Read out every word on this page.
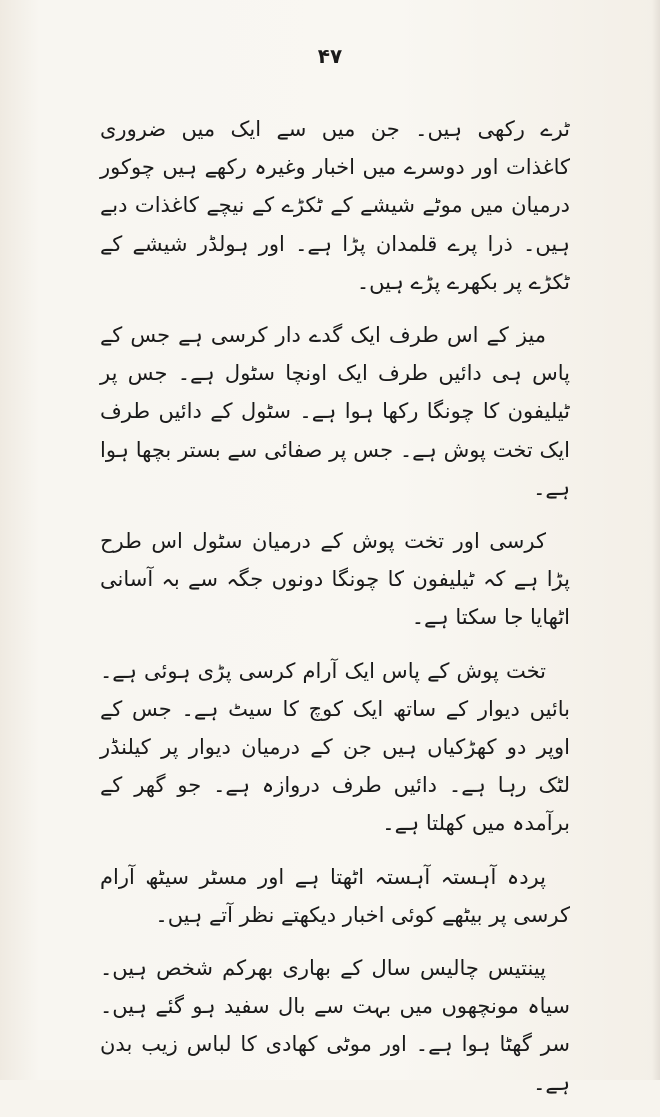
۴۷

ٹرے رکھی ہیں۔ جن میں سے ایک میں ضروری کاغذات اور دوسرے میں اخبار وغیرہ رکھے ہیں چوکور درمیان میں موٹے شیشے کے ٹکڑے کے نیچے کاغذات دبے ہیں۔ ذرا پرے قلمدان پڑا ہے۔ اور ہولڈر شیشے کے ٹکڑے پر بکھرے پڑے ہیں۔

میز کے اس طرف ایک گدے دار کرسی ہے جس کے پاس ہی دائیں طرف ایک اونچا سٹول ہے۔ جس پر ٹیلیفون کا چونگا رکھا ہوا ہے۔ سٹول کے دائیں طرف ایک تخت پوش ہے۔ جس پر صفائی سے بستر بچھا ہوا ہے۔

کرسی اور تخت پوش کے درمیان سٹول اس طرح پڑا ہے کہ ٹیلیفون کا چونگا دونوں جگہ سے بہ آسانی اٹھایا جا سکتا ہے۔

تخت پوش کے پاس ایک آرام کرسی پڑی ہوئی ہے۔ بائیں دیوار کے ساتھ ایک کوچ کا سیٹ ہے۔ جس کے اوپر دو کھڑکیاں ہیں جن کے درمیان دیوار پر کیلنڈر لٹک رہا ہے۔ دائیں طرف دروازہ ہے۔ جو گھر کے برآمدہ میں کھلتا ہے۔

پردہ آہستہ آہستہ اٹھتا ہے اور مسٹر سیٹھ آرام کرسی پر بیٹھے کوئی اخبار دیکھتے نظر آتے ہیں۔

پینتیس چالیس سال کے بھاری بھرکم شخص ہیں۔ سیاہ مونچھوں میں بہت سے بال سفید ہو گئے ہیں۔ سر گھٹا ہوا ہے۔ اور موٹی کھادی کا لباس زیب بدن ہے۔
